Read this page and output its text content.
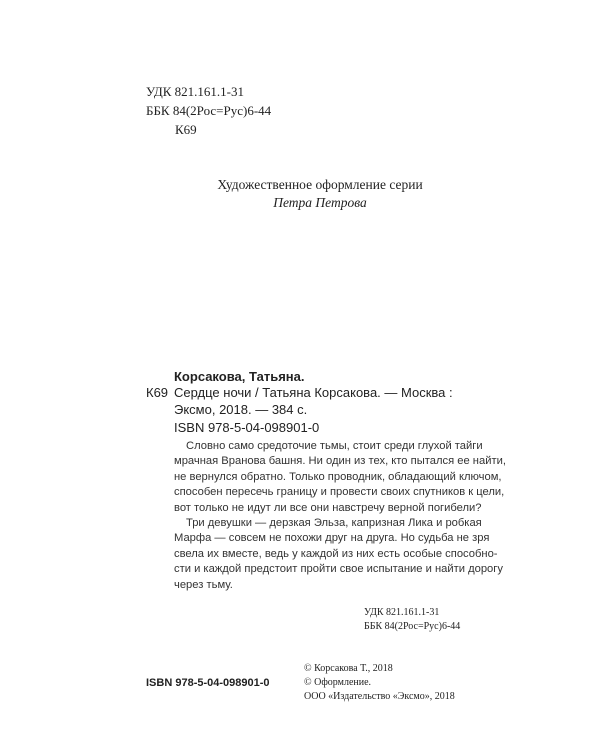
УДК 821.161.1-31
ББК 84(2Рос=Рус)6-44
К69
Художественное оформление серии
Петра Петрова
Корсакова, Татьяна.
К69 Сердце ночи / Татьяна Корсакова. — Москва :
Эксмо, 2018. — 384 с.
ISBN 978-5-04-098901-0

Словно само средоточие тьмы, стоит среди глухой тайги
мрачная Вранова башня. Ни один из тех, кто пытался ее найти,
не вернулся обратно. Только проводник, обладающий ключом,
способен пересечь границу и провести своих спутников к цели,
вот только не идут ли все они навстречу верной погибели?

Три девушки — дерзкая Эльза, капризная Лика и робкая
Марфа — совсем не похожи друг на друга. Но судьба не зря
свела их вместе, ведь у каждой из них есть особые способно-
сти и каждой предстоит пройти свое испытание и найти дорогу
через тьму.

УДК 821.161.1-31
ББК 84(2Рос=Рус)6-44
© Корсакова Т., 2018
© Оформление.
ООО «Издательство «Эксмо», 2018
ISBN 978-5-04-098901-0
